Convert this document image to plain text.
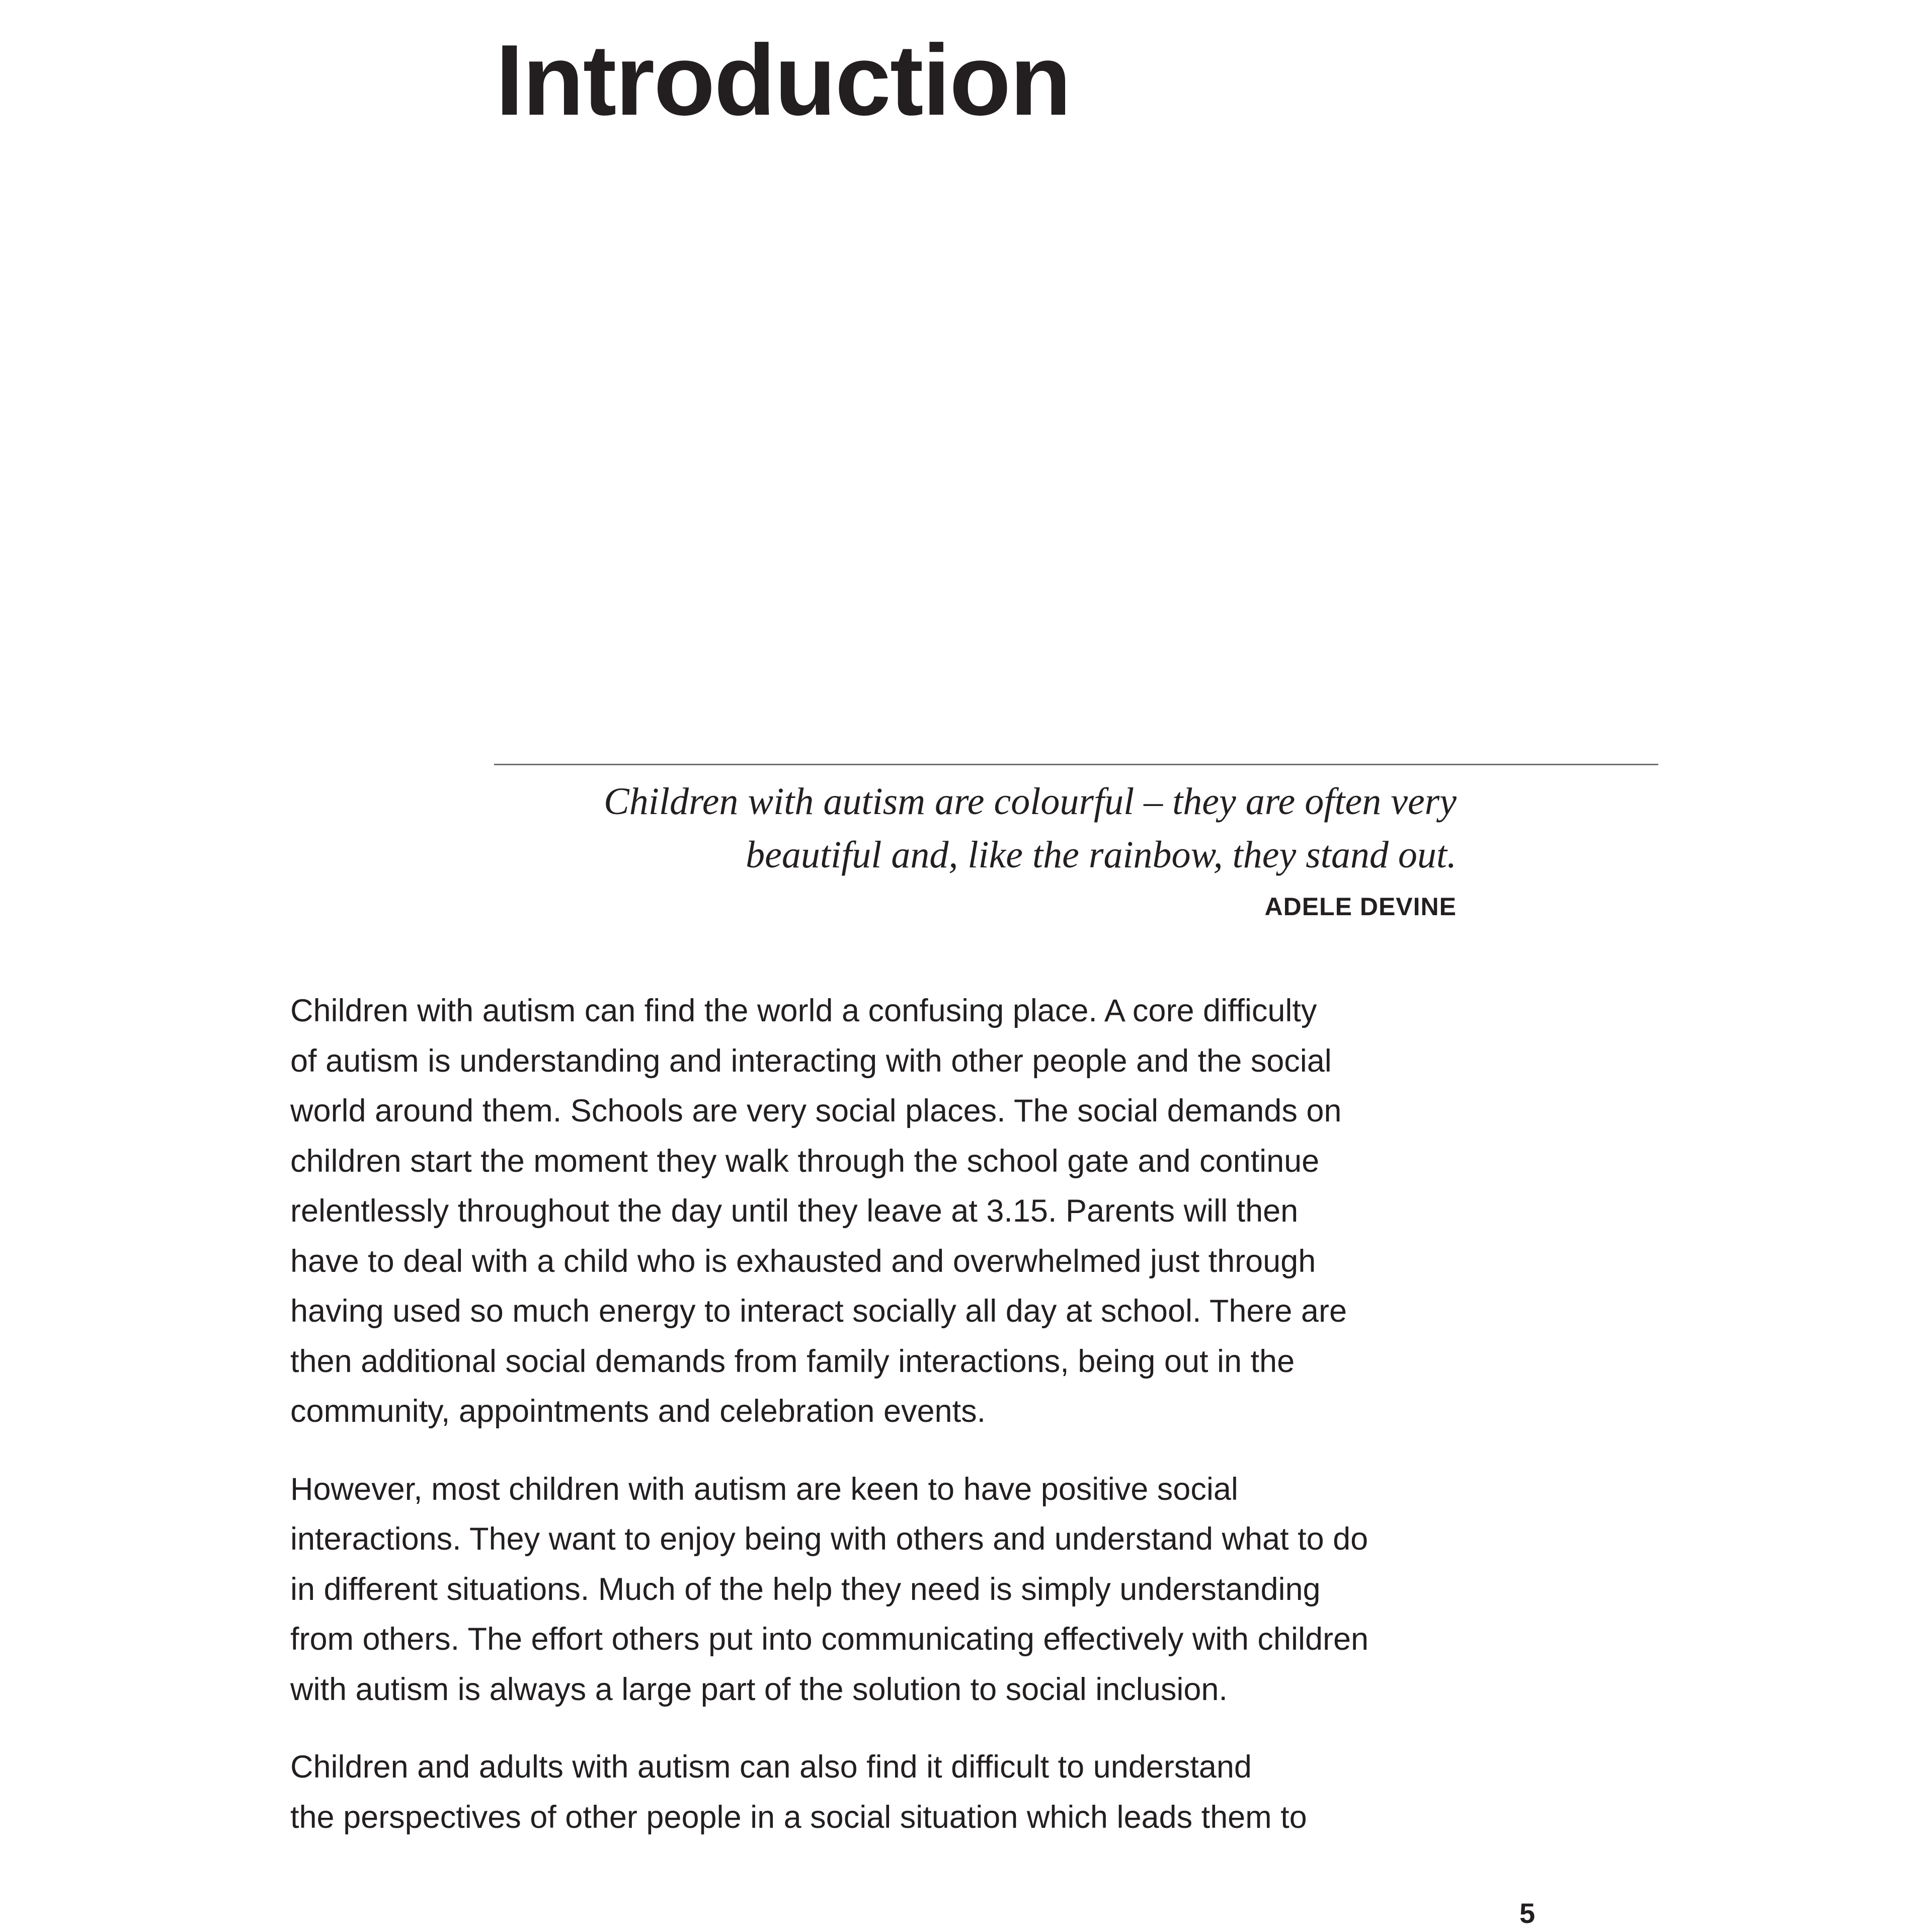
Introduction
Children with autism are colourful – they are often very
beautiful and, like the rainbow, they stand out.
ADELE DEVINE

Children with autism can find the world a confusing place. A core difficulty
of autism is understanding and interacting with other people and the social
world around them. Schools are very social places. The social demands on
children start the moment they walk through the school gate and continue
relentlessly throughout the day until they leave at 3.15. Parents will then
have to deal with a child who is exhausted and overwhelmed just through
having used so much energy to interact socially all day at school. There are
then additional social demands from family interactions, being out in the
community, appointments and celebration events.

However, most children with autism are keen to have positive social
interactions. They want to enjoy being with others and understand what to do
in different situations. Much of the help they need is simply understanding
from others. The effort others put into communicating effectively with children
with autism is always a large part of the solution to social inclusion.

Children and adults with autism can also find it difficult to understand
the perspectives of other people in a social situation which leads them to

5
